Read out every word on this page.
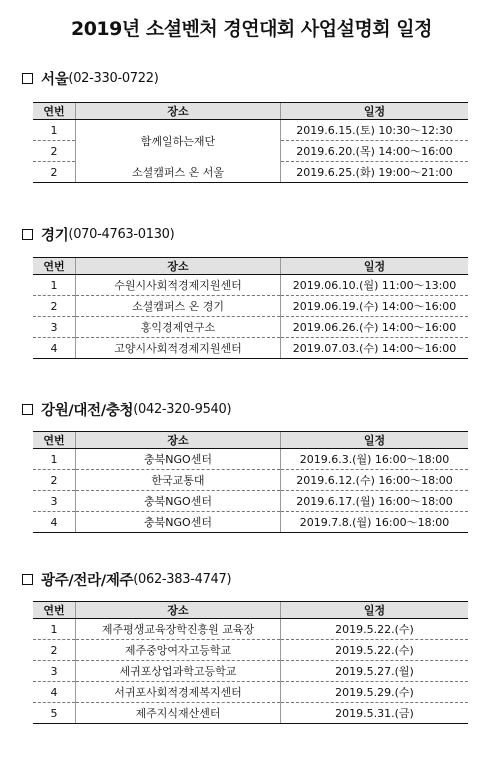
2019년 소셜벤처 경연대회 사업설명회 일정
서울 (02-330-0722)
연번	장소	일정
1	함께일하는재단	2019.6.15.(토) 10:30～12:30
2		2019.6.20.(목) 14:00～16:00
2	소셜캠퍼스 온 서울	2019.6.25.(화) 19:00～21:00
경기 (070-4763-0130)
연번	장소	일정
1	수원시사회적경제지원센터	2019.06.10.(월) 11:00～13:00
2	소셜캠퍼스 온 경기	2019.06.19.(수) 14:00～16:00
3	홍익경제연구소	2019.06.26.(수) 14:00～16:00
4	고양시사회적경제지원센터	2019.07.03.(수) 14:00～16:00
강원/대전/충청 (042-320-9540)
연번	장소	일정
1	충북NGO센터	2019.6.3.(월) 16:00～18:00
2	한국교통대	2019.6.12.(수) 16:00～18:00
3	충북NGO센터	2019.6.17.(월) 16:00～18:00
4	충북NGO센터	2019.7.8.(월) 16:00～18:00
광주/전라/제주 (062-383-4747)
연번	장소	일정
1	제주평생교육장학진흥원 교육장	2019.5.22.(수)
2	제주중앙여자고등학교	2019.5.22.(수)
3	세귀포상업과학고등학교	2019.5.27.(월)
4	서귀포사회적경제복지센터	2019.5.29.(수)
5	제주지식재산센터	2019.5.31.(금)
